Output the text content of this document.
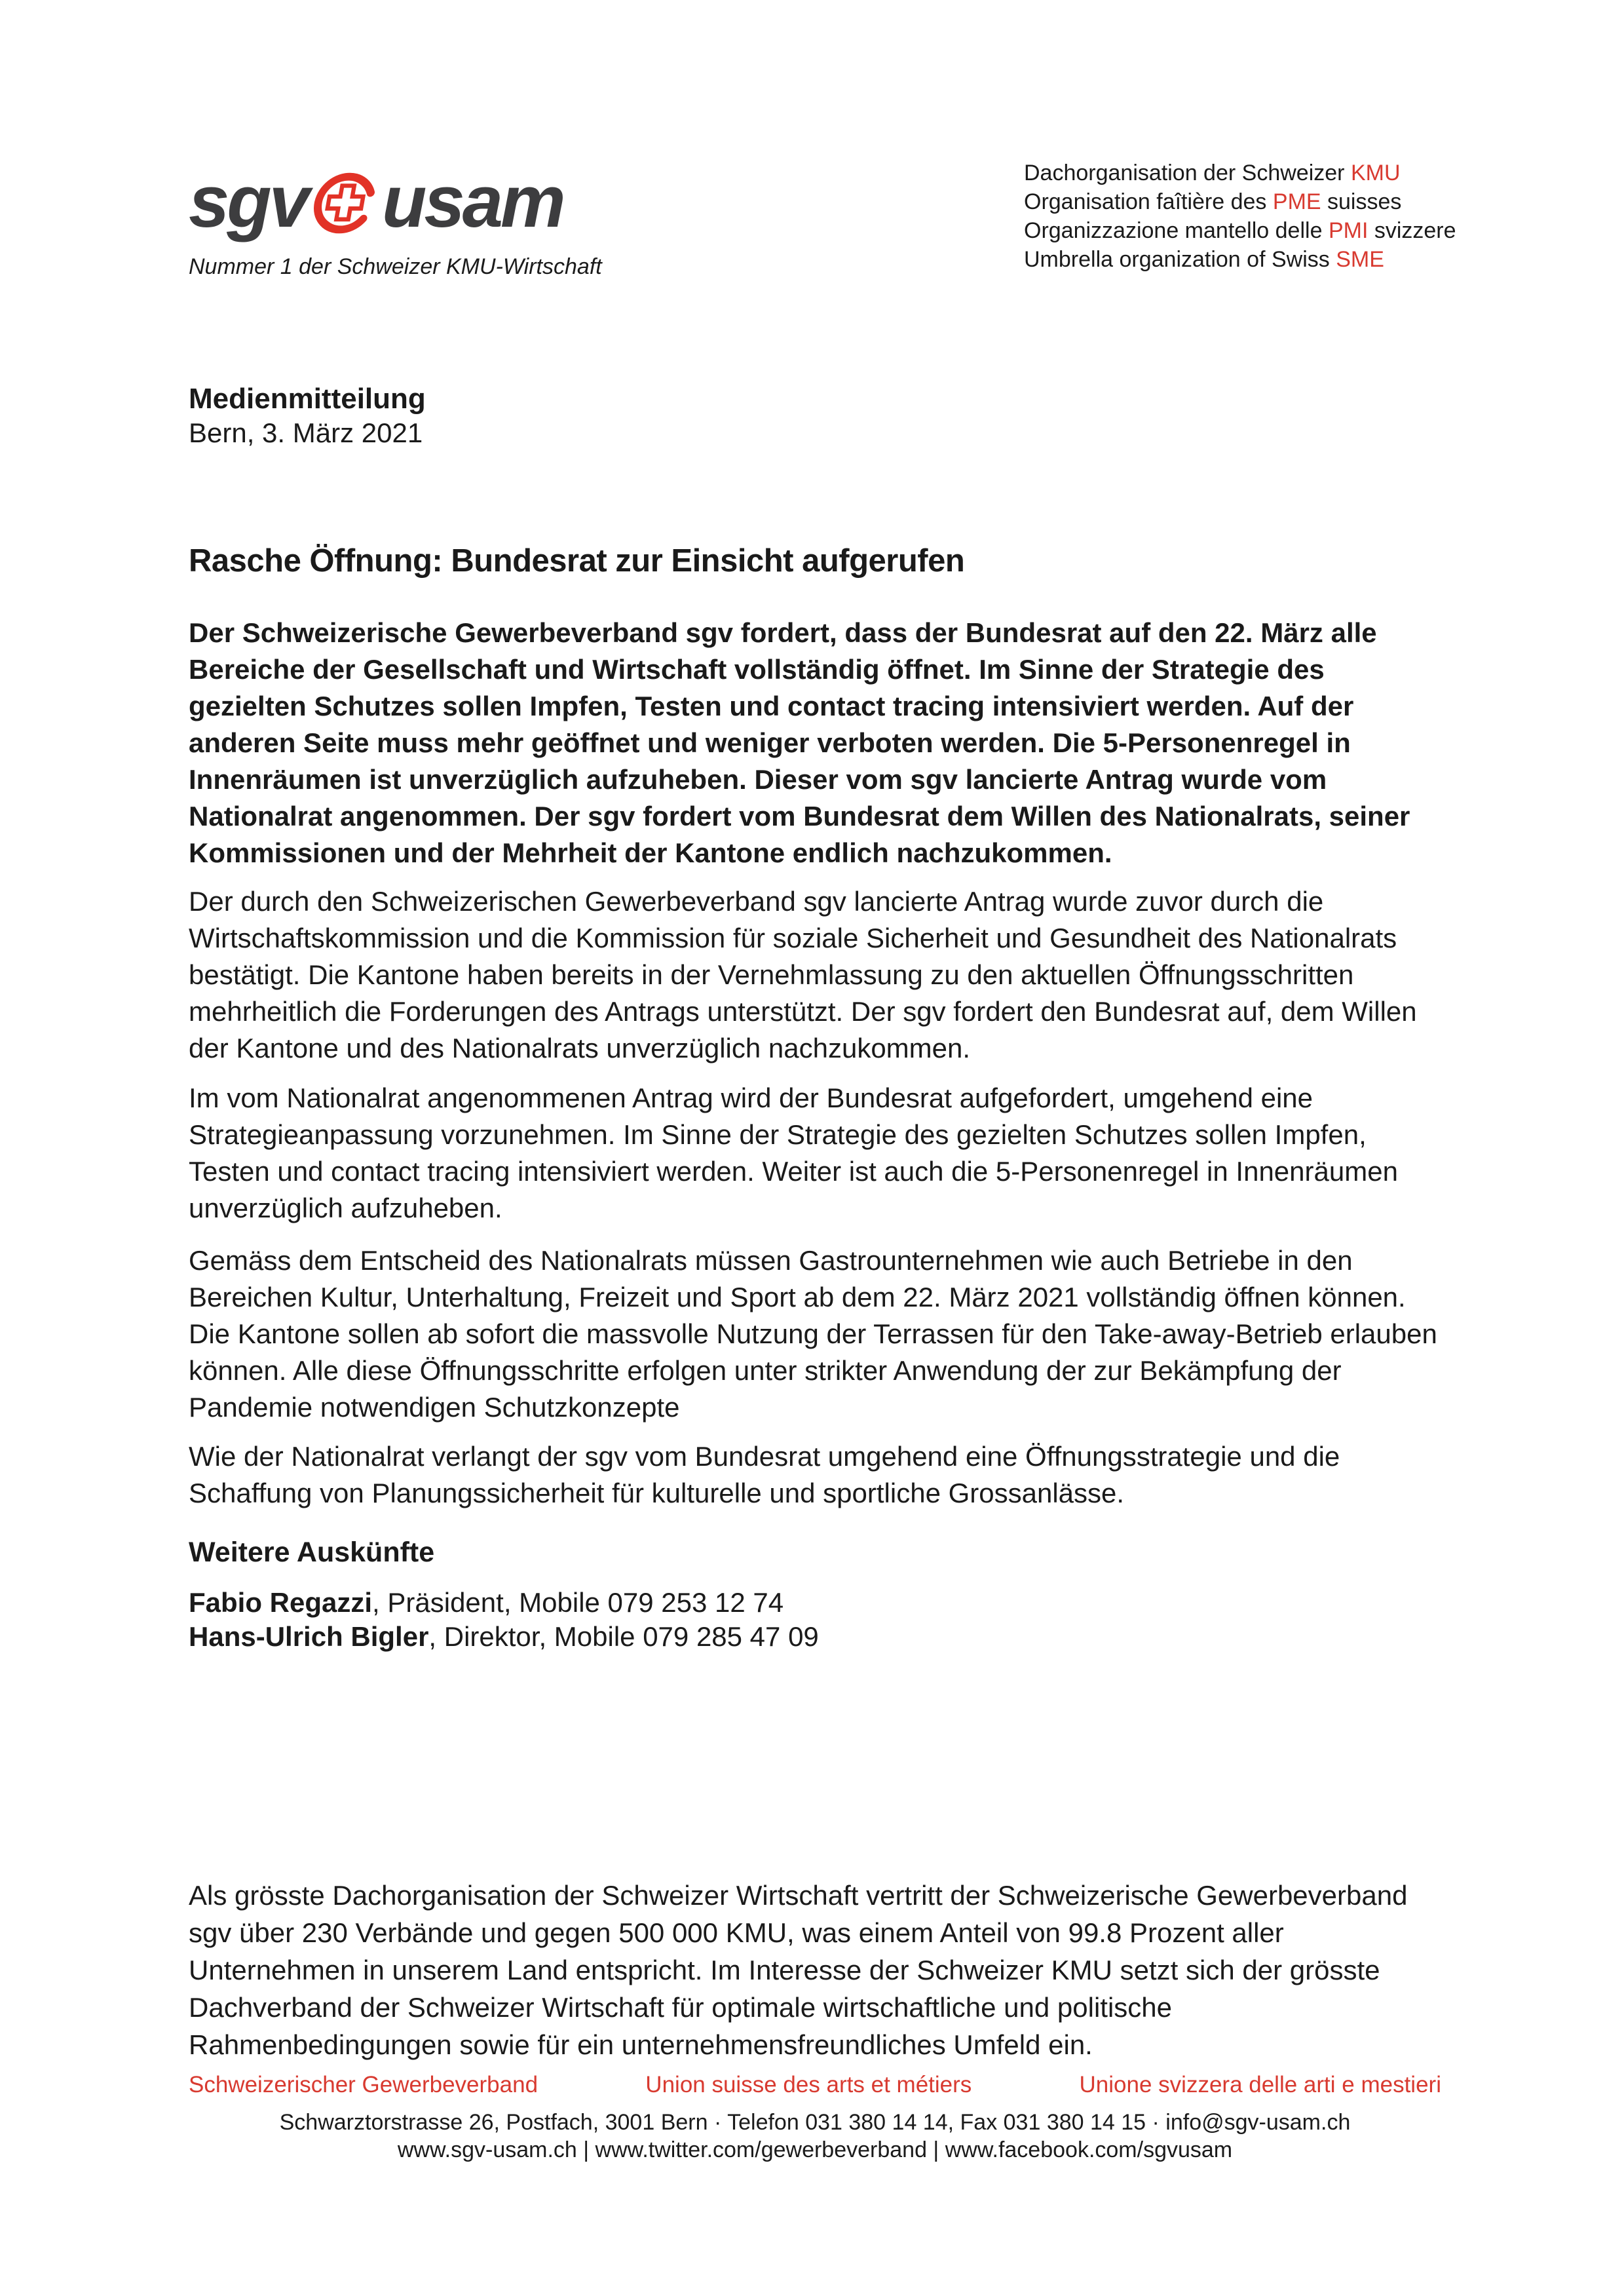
sgv usam
Nummer 1 der Schweizer KMU-Wirtschaft
Dachorganisation der Schweizer KMU
Organisation faîtière des PME suisses
Organizzazione mantello delle PMI svizzere
Umbrella organization of Swiss SME
Medienmitteilung
Bern, 3. März 2021
Rasche Öffnung: Bundesrat zur Einsicht aufgerufen

Der Schweizerische Gewerbeverband sgv fordert, dass der Bundesrat auf den 22. März alle Bereiche der Gesellschaft und Wirtschaft vollständig öffnet. Im Sinne der Strategie des gezielten Schutzes sollen Impfen, Testen und contact tracing intensiviert werden. Auf der anderen Seite muss mehr geöffnet und weniger verboten werden. Die 5-Personenregel in Innenräumen ist unverzüglich aufzuheben. Dieser vom sgv lancierte Antrag wurde vom Nationalrat angenommen. Der sgv fordert vom Bundesrat dem Willen des Nationalrats, seiner Kommissionen und der Mehrheit der Kantone endlich nachzukommen.

Der durch den Schweizerischen Gewerbeverband sgv lancierte Antrag wurde zuvor durch die Wirtschaftskommission und die Kommission für soziale Sicherheit und Gesundheit des Nationalrats bestätigt. Die Kantone haben bereits in der Vernehmlassung zu den aktuellen Öffnungsschritten mehrheitlich die Forderungen des Antrags unterstützt. Der sgv fordert den Bundesrat auf, dem Willen der Kantone und des Nationalrats unverzüglich nachzukommen.

Im vom Nationalrat angenommenen Antrag wird der Bundesrat aufgefordert, umgehend eine Strategieanpassung vorzunehmen. Im Sinne der Strategie des gezielten Schutzes sollen Impfen, Testen und contact tracing intensiviert werden. Weiter ist auch die 5-Personenregel in Innenräumen unverzüglich aufzuheben.

Gemäss dem Entscheid des Nationalrats müssen Gastrounternehmen wie auch Betriebe in den Bereichen Kultur, Unterhaltung, Freizeit und Sport ab dem 22. März 2021 vollständig öffnen können. Die Kantone sollen ab sofort die massvolle Nutzung der Terrassen für den Take-away-Betrieb erlauben können. Alle diese Öffnungsschritte erfolgen unter strikter Anwendung der zur Bekämpfung der Pandemie notwendigen Schutzkonzepte

Wie der Nationalrat verlangt der sgv vom Bundesrat umgehend eine Öffnungsstrategie und die Schaffung von Planungssicherheit für kulturelle und sportliche Grossanlässe.

Weitere Auskünfte
Fabio Regazzi, Präsident, Mobile 079 253 12 74
Hans-Ulrich Bigler, Direktor, Mobile 079 285 47 09

Als grösste Dachorganisation der Schweizer Wirtschaft vertritt der Schweizerische Gewerbeverband sgv über 230 Verbände und gegen 500 000 KMU, was einem Anteil von 99.8 Prozent aller Unternehmen in unserem Land entspricht. Im Interesse der Schweizer KMU setzt sich der grösste Dachverband der Schweizer Wirtschaft für optimale wirtschaftliche und politische Rahmenbedingungen sowie für ein unternehmensfreundliches Umfeld ein.

Schweizerischer Gewerbeverband	Union suisse des arts et métiers	Unione svizzera delle arti e mestieri
Schwarztorstrasse 26, Postfach, 3001 Bern · Telefon 031 380 14 14, Fax 031 380 14 15 · info@sgv-usam.ch
www.sgv-usam.ch | www.twitter.com/gewerbeverband | www.facebook.com/sgvusam
